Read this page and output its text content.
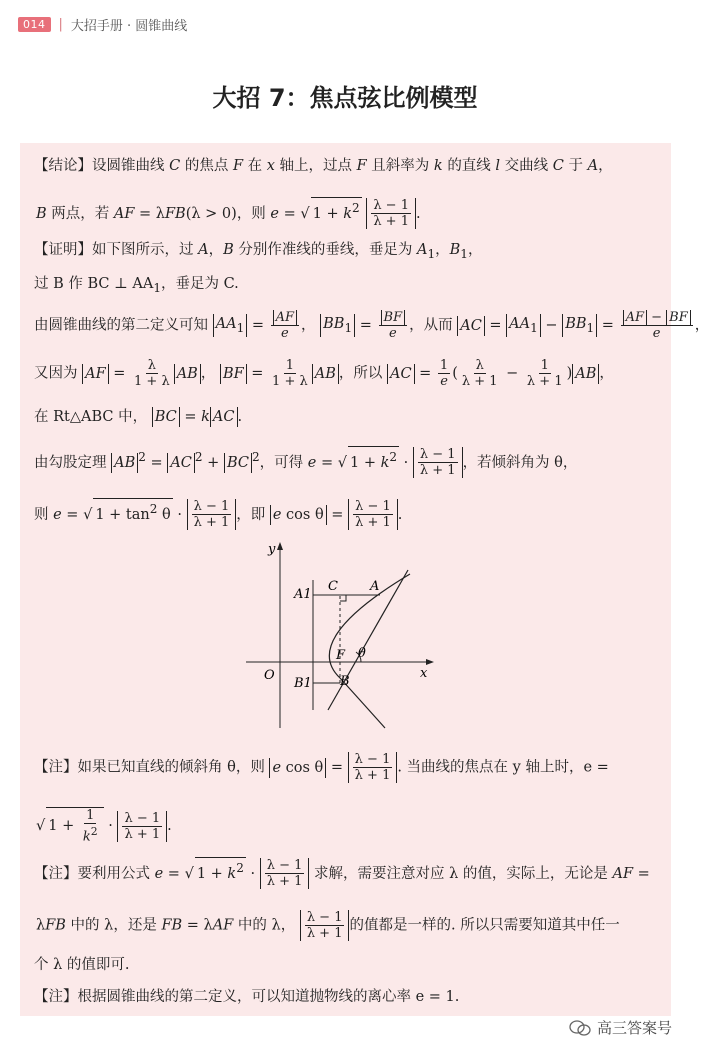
014	| 大招手册 · 圆锥曲线
大招 7：焦点弦比例模型
【结论】设圆锥曲线 C 的焦点 F 在 x 轴上，过点 F 且斜率为 k 的直线 l 交曲线 C 于 A，
B 两点，若 AF = λFB(λ > 0)，则 e = √ $1 + k^2 \frac{\lambda - 1}{\lambda + 1}$ .
【证明】如下图所示，过 A，B 分别作准线的垂线，垂足为 $A_1$，$B_1$，
过 B 作 BC ⊥ $AA_1$，垂足为 C.
由圆锥曲线的第二定义可知 $AA_1 = \frac{AF}{e}$ ， $BB_1 = \frac{BF}{e}$ ，从而 AC = $AA_1 - BB_1 = \frac{AF - BF}{e}$ ，
又因为 AF = $\frac{\lambda}{1 + \lambda}$ AB ， BF = $\frac{1}{1 + \lambda}$ AB ，所以 AC = $\frac{1}{e}$ ( $\frac{\lambda}{\lambda + 1} - \frac{1}{\lambda + 1}$ ) AB ，
在 Rt△ABC 中， BC = k AC .
由勾股定理 AB $^2$ = AC $^2$ + BC $^2$，可得 e = √ $1 + k^2 \cdot \frac{\lambda - 1}{\lambda + 1}$ ，若倾斜角为 θ，
则 e = √ $1 + \tan^2 \theta \cdot \frac{\lambda - 1}{\lambda + 1}$ ，即 e $\cos \theta = \frac{\lambda - 1}{\lambda + 1}$ .
y
x
O
A
A1
C
B
B1
F θ
【注】如果已知直线的倾斜角 θ，则 e $\cos \theta = \frac{\lambda - 1}{\lambda + 1}$ . 当曲线的焦点在 y 轴上时，e =
√ $1 + \frac{1}{k^2} \cdot \frac{\lambda - 1}{\lambda + 1}$ .
【注】要利用公式 e = √ $1 + k^2 \cdot \frac{\lambda - 1}{\lambda + 1}$ 求解，需要注意对应 λ 的值，实际上，无论是 AF =
λFB 中的 λ，还是 FB = λAF 中的 λ， $\frac{\lambda - 1}{\lambda + 1}$ 的值都是一样的. 所以只需要知道其中任一
个 λ 的值即可.
【注】根据圆锥曲线的第二定义，可以知道抛物线的离心率 e = 1.
高三答案号
